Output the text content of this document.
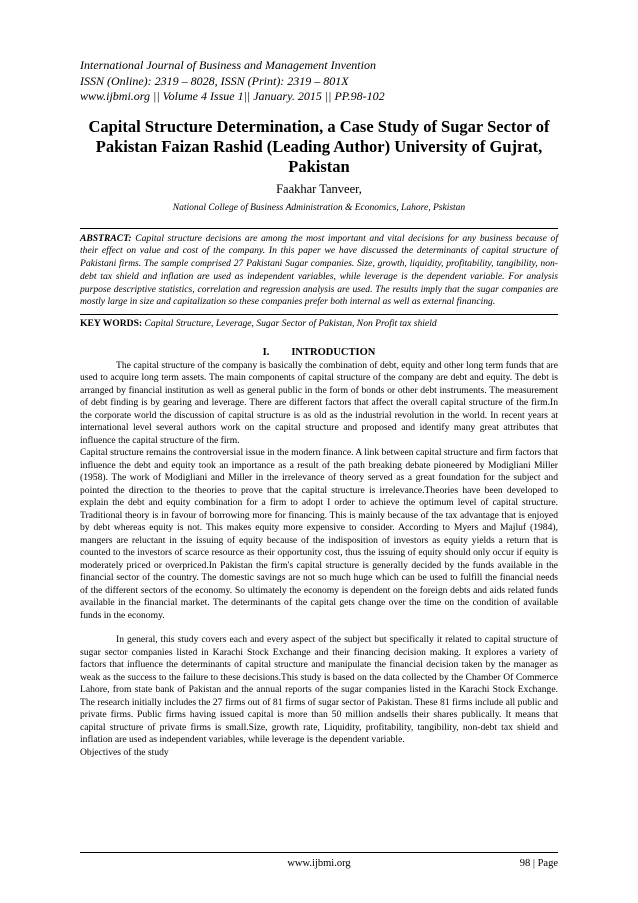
International Journal of Business and Management Invention
ISSN (Online): 2319 – 8028, ISSN (Print): 2319 – 801X
www.ijbmi.org || Volume 4 Issue 1|| January. 2015 || PP.98-102
Capital Structure Determination, a Case Study of Sugar Sector of Pakistan Faizan Rashid (Leading Author) University of Gujrat, Pakistan
Faakhar Tanveer,
National College of Business Administration & Economics, Lahore, Pskistan
ABSTRACT: Capital structure decisions are among the most important and vital decisions for any business because of their effect on value and cost of the company. In this paper we have discussed the determinants of capital structure of Pakistani firms. The sample comprised 27 Pakistani Sugar companies. Size, growth, liquidity, profitability, tangibility, non-debt tax shield and inflation are used as independent variables, while leverage is the dependent variable. For analysis purpose descriptive statistics, correlation and regression analysis are used. The results imply that the sugar companies are mostly large in size and capitalization so these companies prefer both internal as well as external financing.
KEY WORDS: Capital Structure, Leverage, Sugar Sector of Pakistan, Non Profit tax shield
I. INTRODUCTION

The capital structure of the company is basically the combination of debt, equity and other long term funds that are used to acquire long term assets. The main components of capital structure of the company are debt and equity. The debt is arranged by financial institution as well as general public in the form of bonds or other debt instruments. The measurement of debt finding is by gearing and leverage. There are different factors that affect the overall capital structure of the firm.In the corporate world the discussion of capital structure is as old as the industrial revolution in the world. In recent years at international level several authors work on the capital structure and proposed and identify many great attributes that influence the capital structure of the firm.

Capital structure remains the controversial issue in the modern finance. A link between capital structure and firm factors that influence the debt and equity took an importance as a result of the path breaking debate pioneered by Modigliani Miller (1958). The work of Modigliani and Miller in the irrelevance of theory served as a great foundation for the subject and pointed the direction to the theories to prove that the capital structure is irrelevance.Theories have been developed to explain the debt and equity combination for a firm to adopt I order to achieve the optimum level of capital structure. Traditional theory is in favour of borrowing more for financing. This is mainly because of the tax advantage that is enjoyed by debt whereas equity is not. This makes equity more expensive to consider. According to Myers and Majluf (1984), mangers are reluctant in the issuing of equity because of the indisposition of investors as equity yields a return that is counted to the investors of scarce resource as their opportunity cost, thus the issuing of equity should only occur if equity is moderately priced or overpriced.In Pakistan the firm's capital structure is generally decided by the funds available in the financial sector of the country. The domestic savings are not so much huge which can be used to fulfill the financial needs of the different sectors of the economy. So ultimately the economy is dependent on the foreign debts and aids related funds available in the financial market. The determinants of the capital gets change over the time on the condition of available funds in the economy.

In general, this study covers each and every aspect of the subject but specifically it related to capital structure of sugar sector companies listed in Karachi Stock Exchange and their financing decision making. It explores a variety of factors that influence the determinants of capital structure and manipulate the financial decision taken by the manager as weak as the success to the failure to these decisions.This study is based on the data collected by the Chamber Of Commerce Lahore, from state bank of Pakistan and the annual reports of the sugar companies listed in the Karachi Stock Exchange. The research initially includes the 27 firms out of 81 firms of sugar sector of Pakistan. These 81 firms include all public and private firms. Public firms having issued capital is more than 50 million andsells their shares publically. It means that capital structure of private firms is small.Size, growth rate, Liquidity, profitability, tangibility, non-debt tax shield and inflation are used as independent variables, while leverage is the dependent variable.

Objectives of the study

www.ijbmi.org	98 | Page
